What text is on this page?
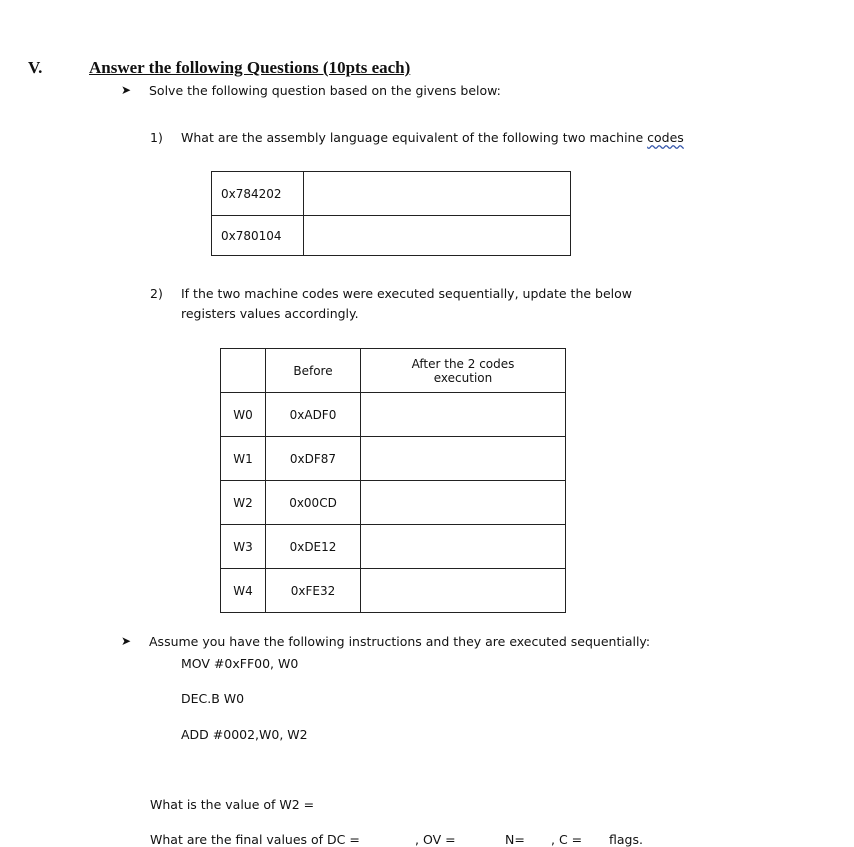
V.	Answer the following Questions (10pts each)
➤ Solve the following question based on the givens below:
1) What are the assembly language equivalent of the following two machine codes
0x784202	
0x780104	
2) If the two machine codes were executed sequentially, update the below
registers values accordingly.
	Before	After the 2 codes
execution

W0	0xADF0	
W1	0xDF87	
W2	0x00CD	
W3	0xDE12	
W4	0xFE32	
➤ Assume you have the following instructions and they are executed sequentially:
MOV #0xFF00, W0
DEC.B W0
ADD #0002,W0, W2
What is the value of W2 =
What are the final values of DC =	, OV =	N= , C = flags.
